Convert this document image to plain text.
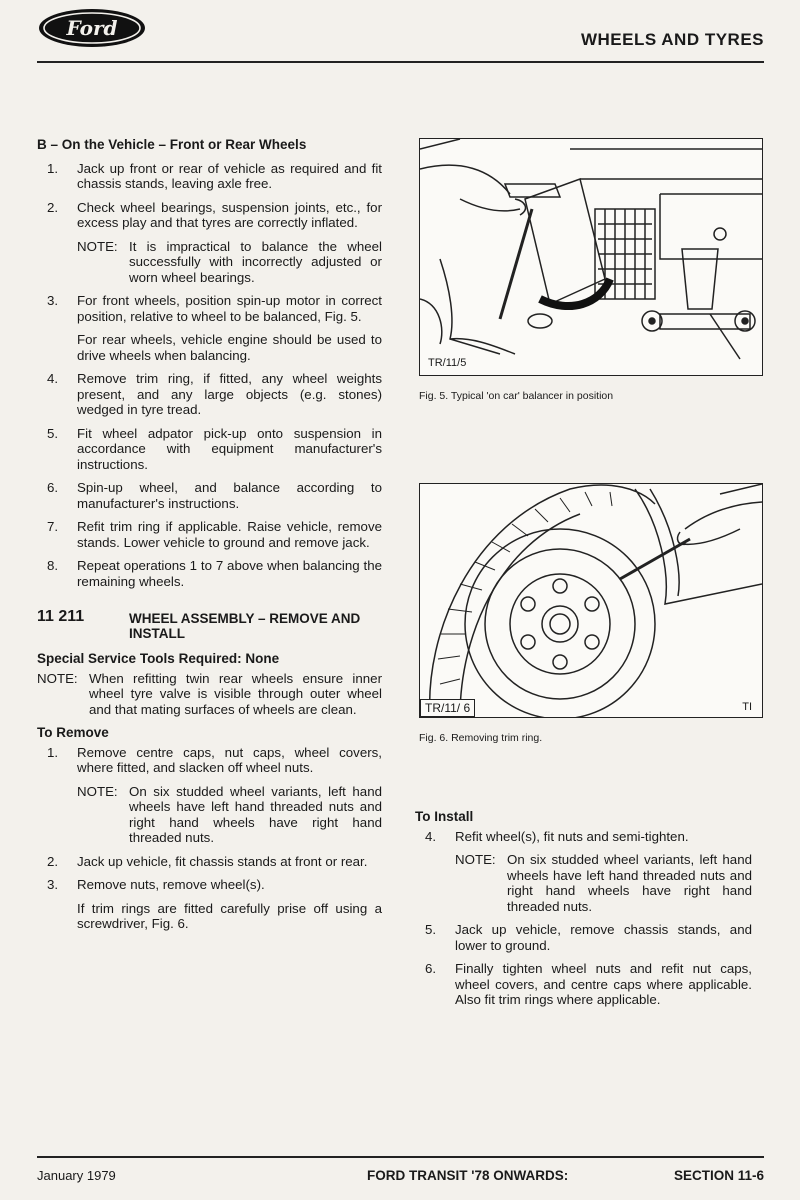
Ford	WHEELS AND TYRES
B – On the Vehicle – Front or Rear Wheels
1.	Jack up front or rear of vehicle as required and fit chassis stands, leaving axle free.
2.	Check wheel bearings, suspension joints, etc., for excess play and that tyres are correctly inflated.
NOTE: It is impractical to balance the wheel successfully with incorrectly adjusted or worn wheel bearings.
3.	For front wheels, position spin-up motor in correct position, relative to wheel to be balanced, Fig. 5.
For rear wheels, vehicle engine should be used to drive wheels when balancing.
4.	Remove trim ring, if fitted, any wheel weights present, and any large objects (e.g. stones) wedged in tyre tread.
5.	Fit wheel adpator pick-up onto suspension in accordance with equipment manufacturer's instructions.
6.	Spin-up wheel, and balance according to manufacturer's instructions.
7.	Refit trim ring if applicable. Raise vehicle, remove stands. Lower vehicle to ground and remove jack.
8.	Repeat operations 1 to 7 above when balancing the remaining wheels.
11 211	WHEEL ASSEMBLY – REMOVE AND INSTALL
Special Service Tools Required: None
NOTE: When refitting twin rear wheels ensure inner wheel tyre valve is visible through outer wheel and that mating surfaces of wheels are clean.
To Remove
1.	Remove centre caps, nut caps, wheel covers, where fitted, and slacken off wheel nuts.
NOTE: On six studded wheel variants, left hand wheels have left hand threaded nuts and right hand wheels have right hand threaded nuts.
2.	Jack up vehicle, fit chassis stands at front or rear.
3.	Remove nuts, remove wheel(s).
If trim rings are fitted carefully prise off using a screwdriver, Fig. 6.
TR/11/5
Fig. 5. Typical 'on car' balancer in position
TR/11/ 6	TI
Fig. 6. Removing trim ring.
To Install
4.	Refit wheel(s), fit nuts and semi-tighten.
NOTE: On six studded wheel variants, left hand wheels have left hand threaded nuts and right hand wheels have right hand threaded nuts.
5.	Jack up vehicle, remove chassis stands, and lower to ground.
6.	Finally tighten wheel nuts and refit nut caps, wheel covers, and centre caps where applicable. Also fit trim rings where applicable.
January 1979	FORD TRANSIT '78 ONWARDS:	SECTION 11-6
